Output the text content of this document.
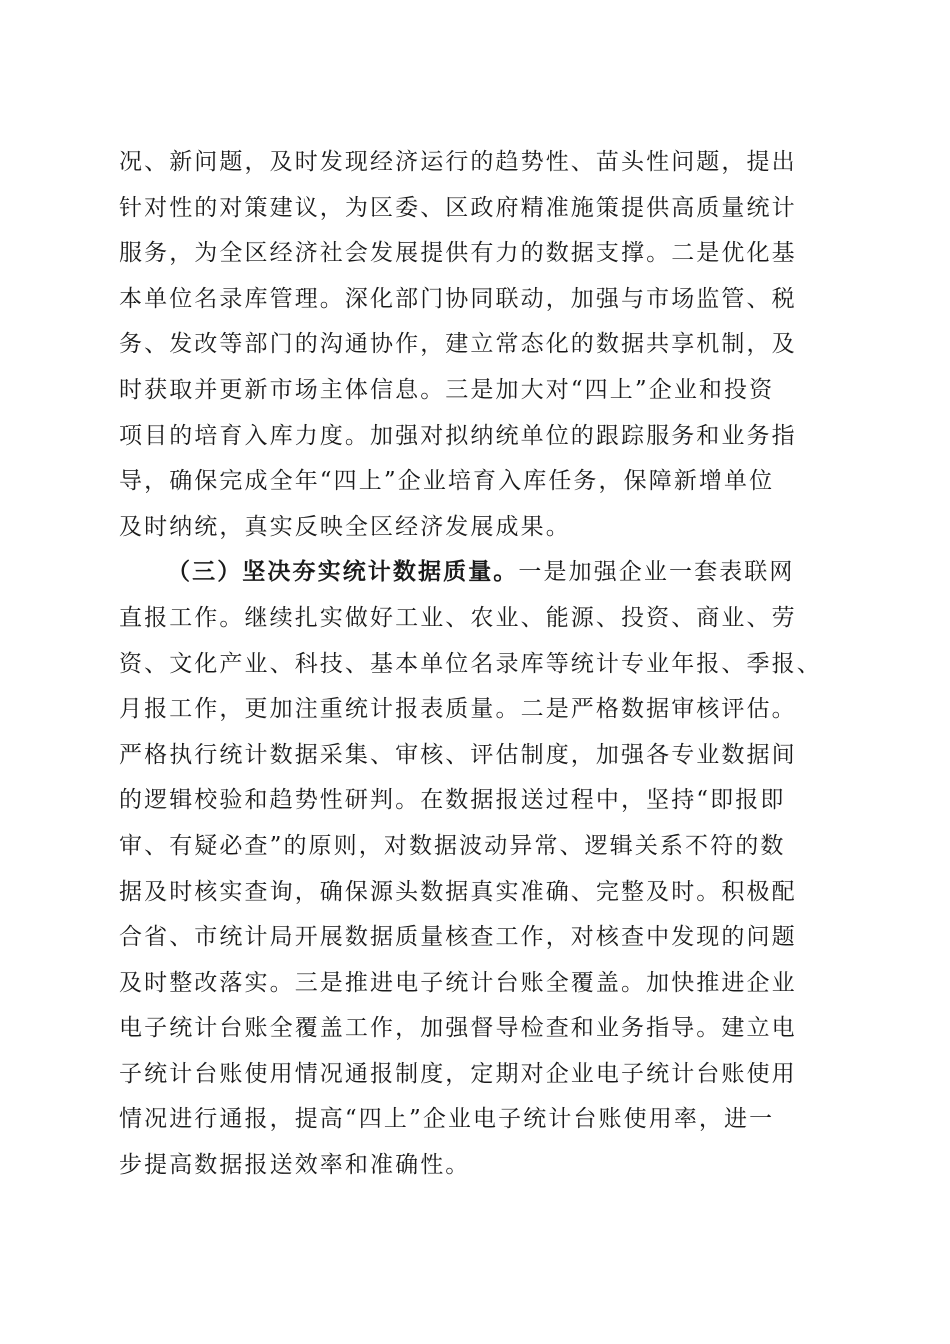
况、新问题，及时发现经济运行的趋势性、苗头性问题，提出
针对性的对策建议，为区委、区政府精准施策提供高质量统计
服务，为全区经济社会发展提供有力的数据支撑。二是优化基
本单位名录库管理。深化部门协同联动，加强与市场监管、税
务、发改等部门的沟通协作，建立常态化的数据共享机制，及
时获取并更新市场主体信息。三是加大对“四上”企业和投资
项目的培育入库力度。加强对拟纳统单位的跟踪服务和业务指
导，确保完成全年“四上”企业培育入库任务，保障新增单位
及时纳统，真实反映全区经济发展成果。
（三）坚决夯实统计数据质量。一是加强企业一套表联网
直报工作。继续扎实做好工业、农业、能源、投资、商业、劳
资、文化产业、科技、基本单位名录库等统计专业年报、季报、
月报工作，更加注重统计报表质量。二是严格数据审核评估。
严格执行统计数据采集、审核、评估制度，加强各专业数据间
的逻辑校验和趋势性研判。在数据报送过程中，坚持“即报即
审、有疑必查”的原则，对数据波动异常、逻辑关系不符的数
据及时核实查询，确保源头数据真实准确、完整及时。积极配
合省、市统计局开展数据质量核查工作，对核查中发现的问题
及时整改落实。三是推进电子统计台账全覆盖。加快推进企业
电子统计台账全覆盖工作，加强督导检查和业务指导。建立电
子统计台账使用情况通报制度，定期对企业电子统计台账使用
情况进行通报，提高“四上”企业电子统计台账使用率，进一
步提高数据报送效率和准确性。
